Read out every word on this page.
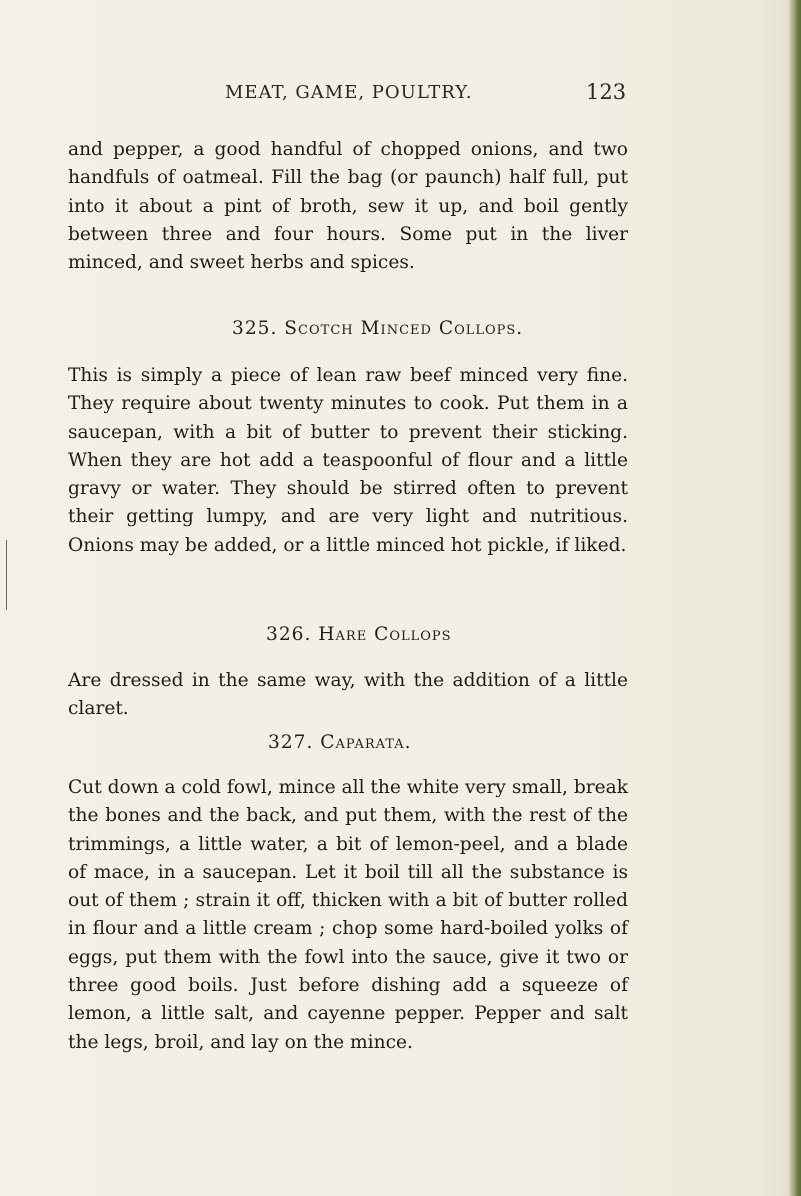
MEAT, GAME, POULTRY.	123
and pepper, a good handful of chopped onions, and two handfuls of oatmeal. Fill the bag (or paunch) half full, put into it about a pint of broth, sew it up, and boil gently between three and four hours. Some put in the liver minced, and sweet herbs and spices.
325. Scotch Minced Collops.
This is simply a piece of lean raw beef minced very fine. They require about twenty minutes to cook. Put them in a saucepan, with a bit of butter to prevent their sticking. When they are hot add a teaspoonful of flour and a little gravy or water. They should be stirred often to prevent their getting lumpy, and are very light and nutritious. Onions may be added, or a little minced hot pickle, if liked.
326. Hare Collops
Are dressed in the same way, with the addition of a little claret.
327. Caparata.
Cut down a cold fowl, mince all the white very small, break the bones and the back, and put them, with the rest of the trimmings, a little water, a bit of lemon-peel, and a blade of mace, in a saucepan. Let it boil till all the substance is out of them ; strain it off, thicken with a bit of butter rolled in flour and a little cream ; chop some hard-boiled yolks of eggs, put them with the fowl into the sauce, give it two or three good boils. Just before dishing add a squeeze of lemon, a little salt, and cayenne pepper. Pepper and salt the legs, broil, and lay on the mince.
